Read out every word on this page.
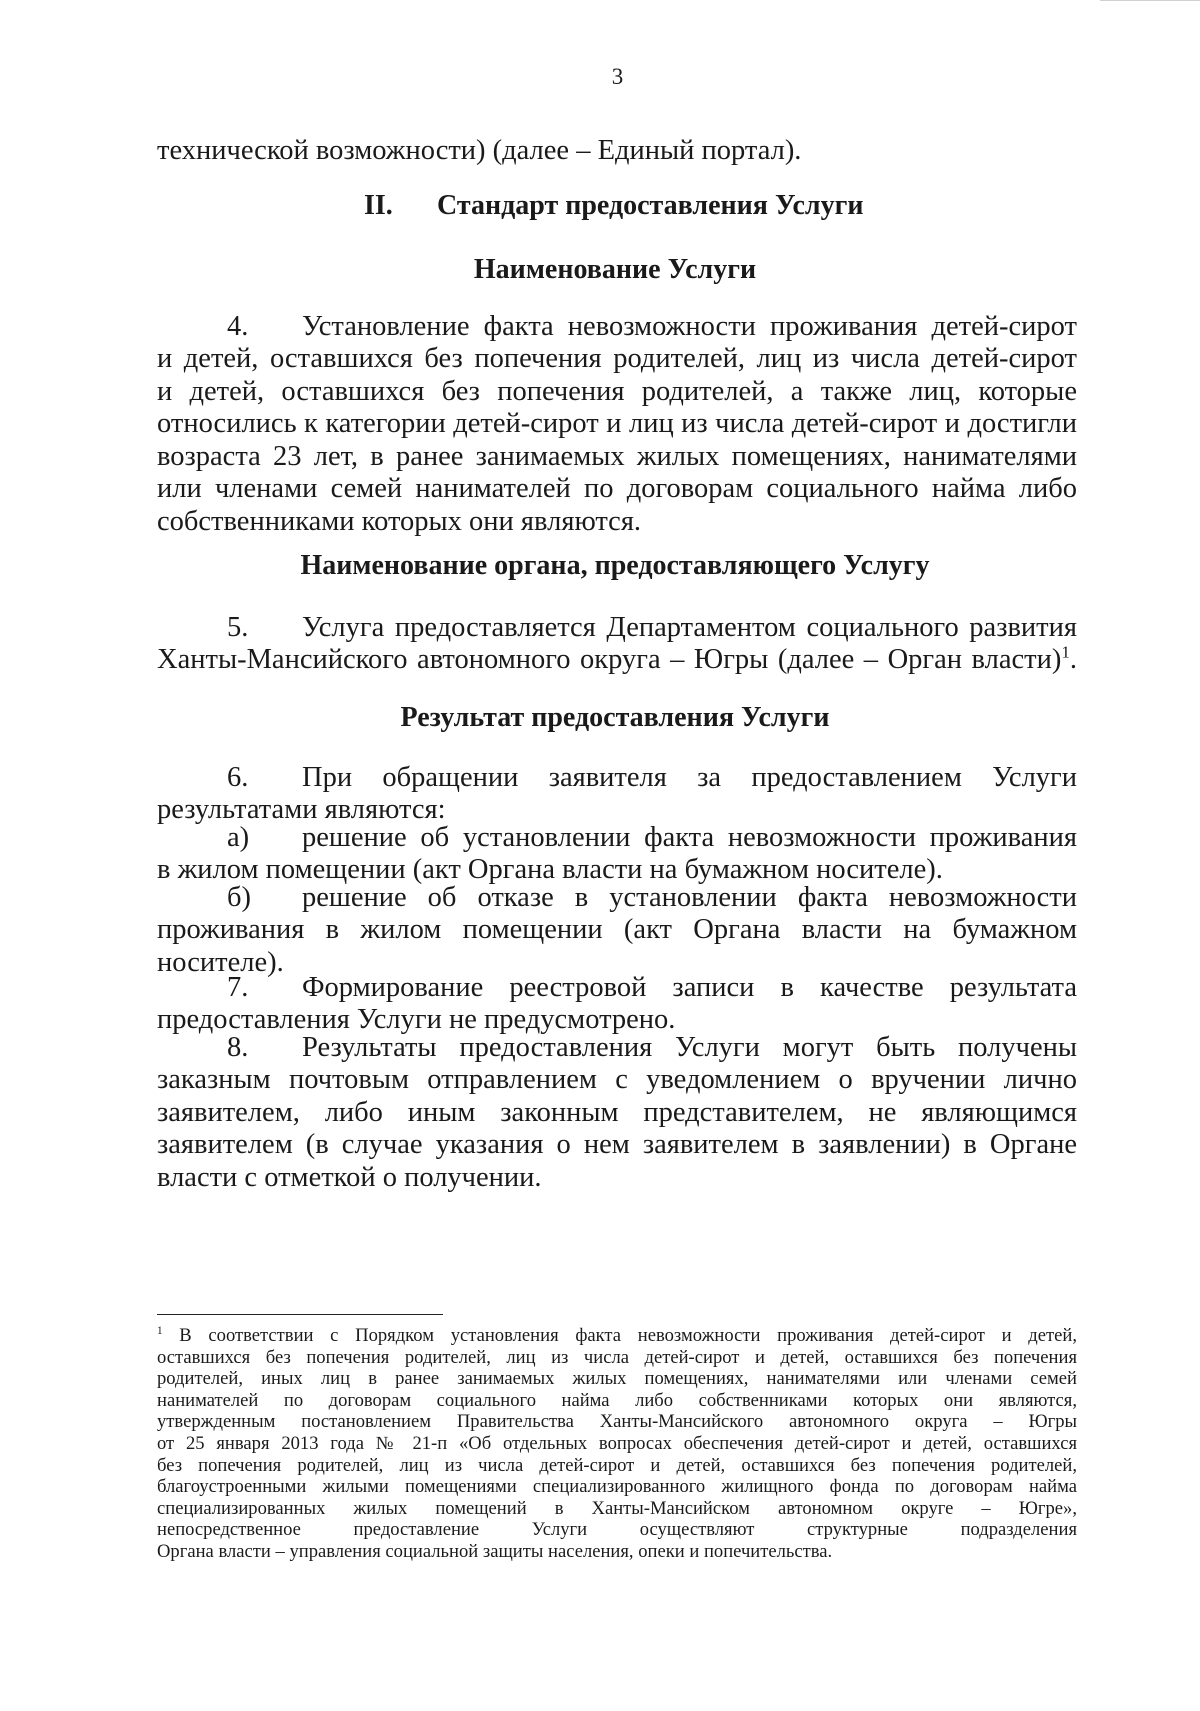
3
технической возможности) (далее – Единый портал).
II. Стандарт предоставления Услуги
Наименование Услуги
4. Установление факта невозможности проживания детей-сирот
и детей, оставшихся без попечения родителей, лиц из числа детей-сирот
и детей, оставшихся без попечения родителей, а также лиц, которые
относились к категории детей-сирот и лиц из числа детей-сирот и достигли
возраста 23 лет, в ранее занимаемых жилых помещениях, нанимателями
или членами семей нанимателей по договорам социального найма либо
собственниками которых они являются.
Наименование органа, предоставляющего Услугу
5. Услуга предоставляется Департаментом социального развития
Ханты-Мансийского автономного округа – Югры (далее – Орган власти)$^1$.
Результат предоставления Услуги
6. При обращении заявителя за предоставлением Услуги
результатами являются:
а) решение об установлении факта невозможности проживания
в жилом помещении (акт Органа власти на бумажном носителе).
б) решение об отказе в установлении факта невозможности
проживания в жилом помещении (акт Органа власти на бумажном
носителе).
7. Формирование реестровой записи в качестве результата
предоставления Услуги не предусмотрено.
8. Результаты предоставления Услуги могут быть получены
заказным почтовым отправлением с уведомлением о вручении лично
заявителем, либо иным законным представителем, не являющимся
заявителем (в случае указания о нем заявителем в заявлении) в Органе
власти с отметкой о получении.
$^1$ В соответствии с Порядком установления факта невозможности проживания детей-сирот и детей,
оставшихся без попечения родителей, лиц из числа детей-сирот и детей, оставшихся без попечения
родителей, иных лиц в ранее занимаемых жилых помещениях, нанимателями или членами семей
нанимателей по договорам социального найма либо собственниками которых они являются,
утвержденным постановлением Правительства Ханты-Мансийского автономного округа – Югры
от 25 января 2013 года № 21-п «Об отдельных вопросах обеспечения детей-сирот и детей, оставшихся
без попечения родителей, лиц из числа детей-сирот и детей, оставшихся без попечения родителей,
благоустроенными жилыми помещениями специализированного жилищного фонда по договорам найма
специализированных жилых помещений в Ханты-Мансийском автономном округе – Югре»,
непосредственное предоставление Услуги осуществляют структурные подразделения
Органа власти – управления социальной защиты населения, опеки и попечительства.
